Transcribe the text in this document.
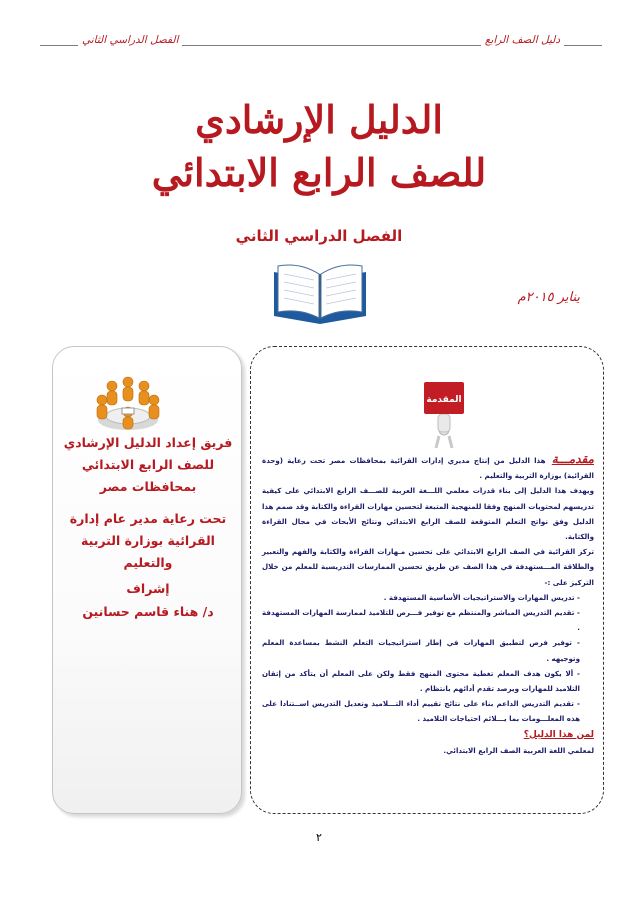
الفصل الدراسي الثاني	دليل الصف الرابع
الدليل الإرشادي
للصف الرابع الابتدائي
الفصل الدراسي الثاني
يناير ٢٠١٥م
المقدمة

مقدمـــة هذا الدليل من إنتاج مديري إدارات القرائية بمحافظات مصر تحت رعاية (وحدة القرائية) بوزارة التربية والتعليم .

ويهدف هذا الدليل إلى بناء قدرات معلمي اللـــغة العربية للصـــف الرابع الابتدائي على كيفية تدريسهم لمحتويات المنهج وفقا للمنهجية المتبعة لتحسين مهارات القراءة والكتابة وقد صمم هذا الدليل وفق نواتج التعلم المتوقعة للصف الرابع الابتدائي ونتائج الأبحاث في مجال القراءة والكتابة.

تركز القرائية في الصف الرابع الابتدائي على تحسين مـهارات القراءة والكتابة والفهم والتعبير والطلاقة المـــستهدفة في هذا الصف عن طريق تحسين الممارسات التدريسية للمعلم من خلال التركيز على :-

- تدريس المهارات والاستراتيجيات الأساسية المستهدفة .

- تقديم التدريس المباشر والمنتظم مع توفير فـــرص للتلاميذ لممارسة المهارات المستهدفة .

- توفير فرص لتطبيق المهارات في إطار استراتيجيات التعلم النشط بمساعدة المعلم وتوجيهه .

- ألا يكون هدف المعلم تغطية محتوى المنهج فقط ولكن على المعلم أن يتأكد من إتقان التلاميذ للمهارات ويرصد تقدم أدائهم بانتظام .

- تقديم التدريس الداعم بناء على نتائج تقييم أداء التـــلاميذ وتعديل التدريس اســتنادا على هذه المعلـــومات بما يـــلائم احتياجات التلاميذ .

لمن هذا الدليل؟

لمعلمي اللغة العربية الصف الرابع الابتدائي.

فريق إعداد الدليل الإرشادي للصف الرابع الابتدائي بمحافظات مصر
تحت رعاية مدير عام إدارة القرائية بوزارة التربية والتعليم
إشراف
د/ هناء قاسم حسانين
٢
